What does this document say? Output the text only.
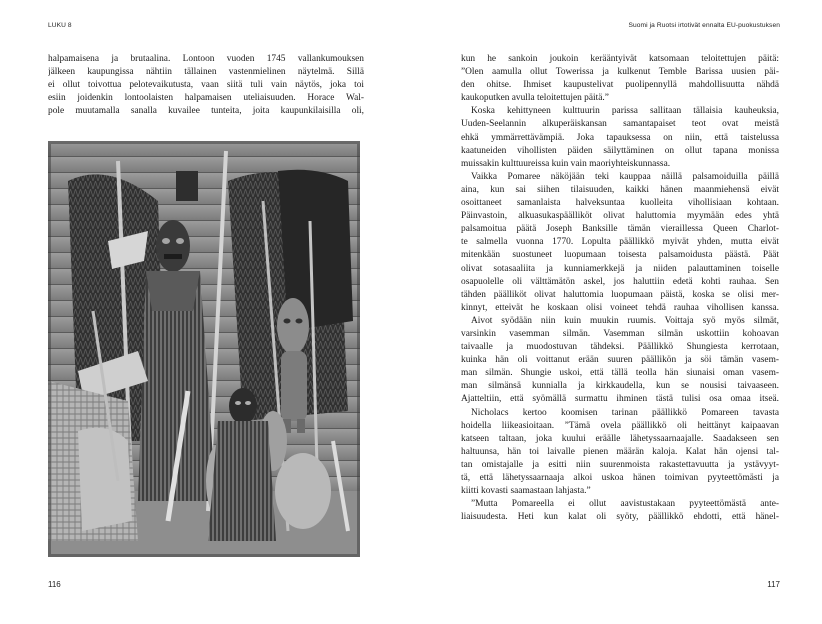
LUKU 8
halpamaisena ja brutaalina. Lontoon vuoden 1745 vallankumouksen
jälkeen kaupungissa nähtiin tällainen vastenmielinen näytelmä. Sillä
ei ollut toivottua pelotevaikutusta, vaan siitä tuli vain näytös, joka toi
esiin joidenkin lontoolaisten halpamaisen uteliaisuuden. Horace Wal-
pole muutamalla sanalla kuvailee tunteita, joita kaupunkilaisilla oli,
116
Suomi ja Ruotsi irtotivät ennalta EU-puokustuksen
kun he sankoin joukoin kerääntyivät katsomaan teloitettujen päitä:
”Olen aamulla ollut Towerissa ja kulkenut Temble Barissa uusien päi-
den ohitse. Ihmiset kaupustelivat puolipennyllä mahdollisuutta nähdä
kaukoputken avulla teloitettujen päitä.”
Koska kehittyneen kulttuurin parissa sallitaan tällaisia kauheuksia,
Uuden-Seelannin alkuperäiskansan samantapaiset teot ovat meistä
ehkä ymmärrettävämpiä. Joka tapauksessa on niin, että taistelussa
kaatuneiden vihollisten päiden säilyttäminen on ollut tapana monissa
muissakin kulttuureissa kuin vain maoriyhteiskunnassa.
Vaikka Pomaree näköjään teki kauppaa näillä palsamoiduilla päillä
aina, kun sai siihen tilaisuuden, kaikki hänen maanmiehensä eivät
osoittaneet samanlaista halveksuntaa kuolleita vihollisiaan kohtaan.
Päinvastoin, alkuasukaspäälliköt olivat haluttomia myymään edes yhtä
palsamoitua päätä Joseph Banksille tämän vieraillessa Queen Charlot-
te salmella vuonna 1770. Lopulta päällikkö myivät yhden, mutta eivät
mitenkään suostuneet luopumaan toisesta palsamoidusta päästä. Päät
olivat sotasaaliita ja kunniamerkkejä ja niiden palauttaminen toiselle
osapuolelle oli välttämätön askel, jos haluttiin edetä kohti rauhaa. Sen
tähden päälliköt olivat haluttomia luopumaan päistä, koska se olisi mer-
kinnyt, etteivät he koskaan olisi voineet tehdä rauhaa vihollisen kanssa.
Aivot syödään niin kuin muukin ruumis. Voittaja syö myös silmät,
varsinkin vasemman silmän. Vasemman silmän uskottiin kohoavan
taivaalle ja muodostuvan tähdeksi. Päällikkö Shungiesta kerrotaan,
kuinka hän oli voittanut erään suuren päällikön ja söi tämän vasem-
man silmän. Shungie uskoi, että tällä teolla hän siunaisi oman vasem-
man silmänsä kunnialla ja kirkkaudella, kun se nousisi taivaaseen.
Ajatteltiin, että syömällä surmattu ihminen tästä tulisi osa omaa itseä.
Nicholacs kertoo koomisen tarinan päällikkö Pomareen tavasta
hoidella liikeasioitaan. ”Tämä ovela päällikkö oli heittänyt kaipaavan
katseen taltaan, joka kuului eräälle lähetyssaarnaajalle. Saadakseen sen
haltuunsa, hän toi laivalle pienen määrän kaloja. Kalat hän ojensi tal-
tan omistajalle ja esitti niin suurenmoista rakastettavuutta ja ystävyyt-
tä, että lähetyssaarnaaja alkoi uskoa hänen toimivan pyyteettömästi ja
kiitti kovasti saamastaan lahjasta.”
”Mutta Pomareella ei ollut aavistustakaan pyyteettömästä ante-
liaisuudesta. Heti kun kalat oli syöty, päällikkö ehdotti, että hänel-
117
